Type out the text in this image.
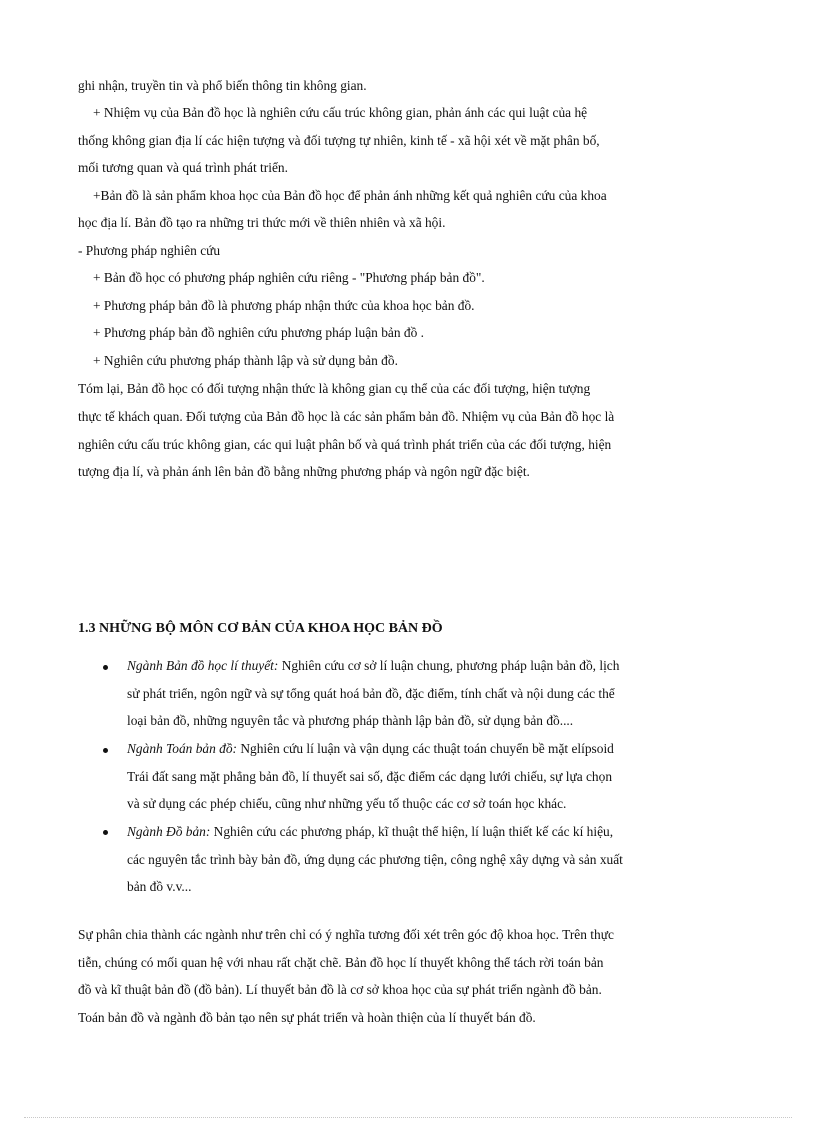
ghi nhận, truyền tin và phổ biến thông tin không gian.
+ Nhiệm vụ của Bản đồ học là nghiên cứu cấu trúc không gian, phản ánh các qui luật của hệ
thống không gian địa lí các hiện tượng và đối tượng tự nhiên, kinh tế - xã hội xét về mặt phân bố,
mối tương quan và quá trình phát triển.
+Bản đồ là sản phẩm khoa học của Bản đồ học để phản ánh những kết quả nghiên cứu của khoa
học địa lí. Bản đồ tạo ra những tri thức mới về thiên nhiên và xã hội.
- Phương pháp nghiên cứu
+ Bản đồ học có phương pháp nghiên cứu riêng - "Phương pháp bản đồ".
+ Phương pháp bản đồ là phương pháp nhận thức của khoa học bản đồ.
+ Phương pháp bản đồ nghiên cứu phương pháp luận bản đồ .
+ Nghiên cứu phương pháp thành lập và sử dụng bản đồ.
Tóm lại, Bản đồ học có đối tượng nhận thức là không gian cụ thể của các đối tượng, hiện tượng
thực tế khách quan. Đối tượng của Bản đồ học là các sản phẩm bản đồ. Nhiệm vụ của Bản đồ học là
nghiên cứu cấu trúc không gian, các qui luật phân bố và quá trình phát triển của các đối tượng, hiện
tượng địa lí, và phản ánh lên bản đồ bằng những phương pháp và ngôn ngữ đặc biệt.
1.3 NHỮNG BỘ MÔN CƠ BẢN CỦA KHOA HỌC BẢN ĐỒ
Ngành Bản đồ học lí thuyết: Nghiên cứu cơ sở lí luận chung, phương pháp luận bản đồ, lịch
sử phát triển, ngôn ngữ và sự tổng quát hoá bản đồ, đặc điểm, tính chất và nội dung các thể
loại bản đồ, những nguyên tắc và phương pháp thành lập bản đồ, sử dụng bản đồ....
Ngành Toán bản đồ: Nghiên cứu lí luận và vận dụng các thuật toán chuyển bề mặt elípsoid
Trái đất sang mặt phẳng bản đồ, lí thuyết sai số, đặc điểm các dạng lưới chiếu, sự lựa chọn
và sử dụng các phép chiếu, cũng như những yếu tố thuộc các cơ sở toán học khác.
Ngành Đồ bản: Nghiên cứu các phương pháp, kĩ thuật thể hiện, lí luận thiết kế các kí hiệu,
các nguyên tắc trình bày bản đồ, ứng dụng các phương tiện, công nghệ xây dựng và sản xuất
bản đồ v.v...
Sự phân chia thành các ngành như trên chỉ có ý nghĩa tương đối xét trên góc độ khoa học. Trên thực
tiễn, chúng có mối quan hệ với nhau rất chặt chẽ. Bản đồ học lí thuyết không thể tách rời toán bản
đồ và kĩ thuật bản đồ (đồ bản). Lí thuyết bản đồ là cơ sở khoa học của sự phát triển ngành đồ bản.
Toán bản đồ và ngành đồ bản tạo nên sự phát triển và hoàn thiện của lí thuyết bán đồ.
